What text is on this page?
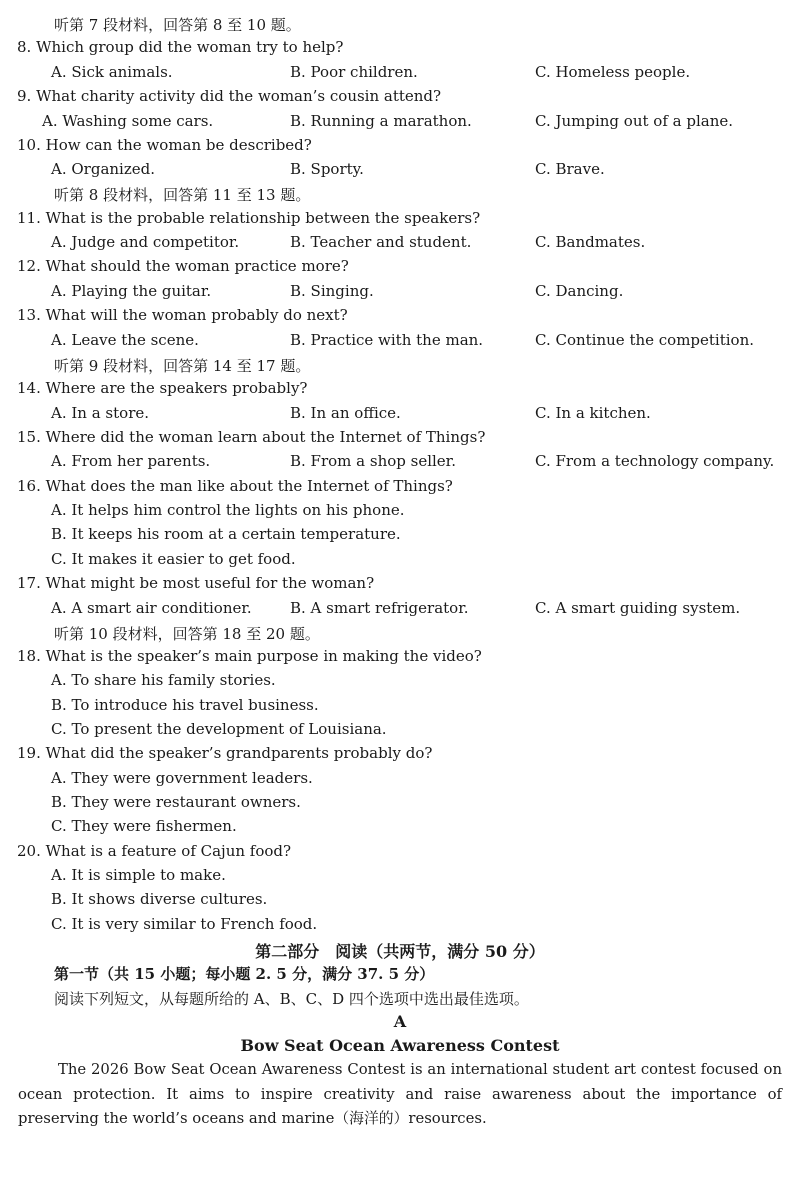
听第 7 段材料，回答第 8 至 10 题。
8. Which group did the woman try to help?
A. Sick animals.	B. Poor children.	C. Homeless people.
9. What charity activity did the woman’s cousin attend?
A. Washing some cars.	B. Running a marathon.	C. Jumping out of a plane.
10. How can the woman be described?
A. Organized.	B. Sporty.	C. Brave.
听第 8 段材料，回答第 11 至 13 题。
11. What is the probable relationship between the speakers?
A. Judge and competitor.	B. Teacher and student.	C. Bandmates.
12. What should the woman practice more?
A. Playing the guitar.	B. Singing.	C. Dancing.
13. What will the woman probably do next?
A. Leave the scene.	B. Practice with the man.	C. Continue the competition.
听第 9 段材料，回答第 14 至 17 题。
14. Where are the speakers probably?
A. In a store.	B. In an office.	C. In a kitchen.
15. Where did the woman learn about the Internet of Things?
A. From her parents.	B. From a shop seller.	C. From a technology company.
16. What does the man like about the Internet of Things?
A. It helps him control the lights on his phone.
B. It keeps his room at a certain temperature.
C. It makes it easier to get food.
17. What might be most useful for the woman?
A. A smart air conditioner.	B. A smart refrigerator.	C. A smart guiding system.
听第 10 段材料，回答第 18 至 20 题。
18. What is the speaker’s main purpose in making the video?
A. To share his family stories.
B. To introduce his travel business.
C. To present the development of Louisiana.
19. What did the speaker’s grandparents probably do?
A. They were government leaders.
B. They were restaurant owners.
C. They were fishermen.
20. What is a feature of Cajun food?
A. It is simple to make.
B. It shows diverse cultures.
C. It is very similar to French food.
第二部分　阅读（共两节，满分 50 分）
第一节（共 15 小题；每小题 2. 5 分，满分 37. 5 分）
阅读下列短文，从每题所给的 A、B、C、D 四个选项中选出最佳选项。
A
Bow Seat Ocean Awareness Contest
The 2026 Bow Seat Ocean Awareness Contest is an international student art contest focused on ocean protection. It aims to inspire creativity and raise awareness about the importance of preserving the world’s oceans and marine（海洋的）resources.
